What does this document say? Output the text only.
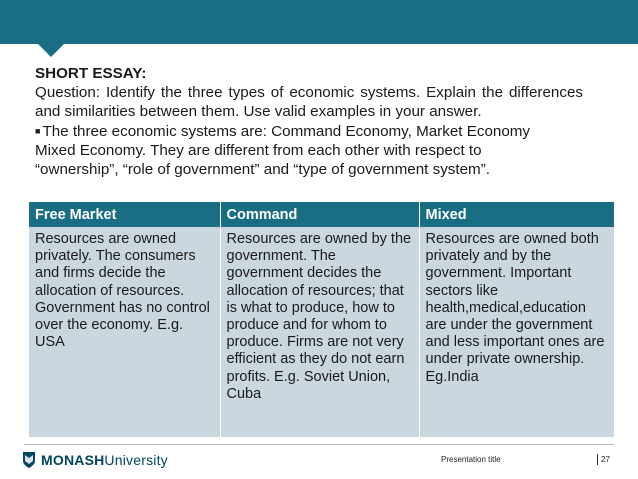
SHORT ESSAY:

Question: Identify the three types of economic systems. Explain the differences and similarities between them. Use valid examples in your answer.

■ The three economic systems are: Command Economy, Market Economy

Mixed Economy. They are different from each other with respect to

“ownership”, “role of government” and “type of government system”.

Free Market	Command	Mixed
Resources are owned privately. The consumers and firms decide the allocation of resources. Government has no control over the economy. E.g. USA	Resources are owned by the government. The government decides the allocation of resources; that is what to produce, how to produce and for whom to produce. Firms are not very efficient as they do not earn profits. E.g. Soviet Union, Cuba	Resources are owned both privately and by the government. Important sectors like health,medical,education are under the government and less important ones are under private ownership. Eg.India
MONASHUniversity	Presentation title	27
